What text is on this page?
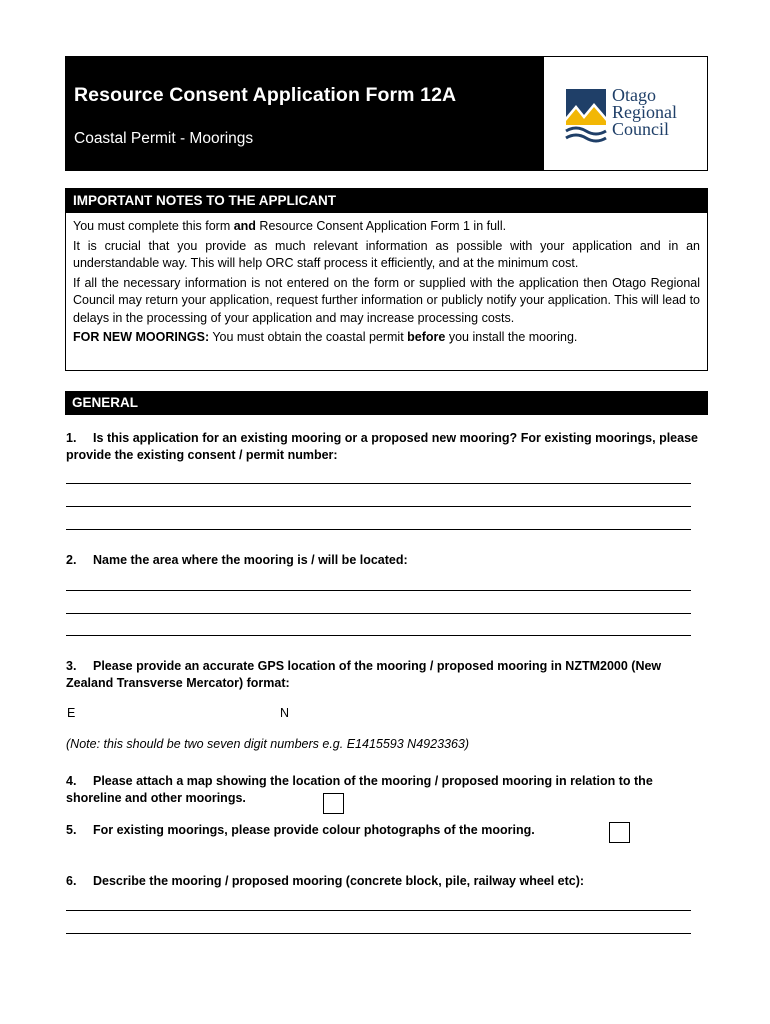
Resource Consent Application Form 12A
Coastal Permit - Moorings
Otago
Regional
Council
IMPORTANT NOTES TO THE APPLICANT

You must complete this form and Resource Consent Application Form 1 in full.

It is crucial that you provide as much relevant information as possible with your application and in an understandable way. This will help ORC staff process it efficiently, and at the minimum cost.

If all the necessary information is not entered on the form or supplied with the application then Otago Regional Council may return your application, request further information or publicly notify your application. This will lead to delays in the processing of your application and may increase processing costs.

FOR NEW MOORINGS: You must obtain the coastal permit before you install the mooring.

GENERAL
1. Is this application for an existing mooring or a proposed new mooring? For existing moorings, please provide the existing consent / permit number:
2. Name the area where the mooring is / will be located:
3. Please provide an accurate GPS location of the mooring / proposed mooring in NZTM2000 (New Zealand Transverse Mercator) format:
E	N
(Note: this should be two seven digit numbers e.g. E1415593 N4923363)
4. Please attach a map showing the location of the mooring / proposed mooring in relation to the shoreline and other moorings.
5. For existing moorings, please provide colour photographs of the mooring.
6. Describe the mooring / proposed mooring (concrete block, pile, railway wheel etc):
